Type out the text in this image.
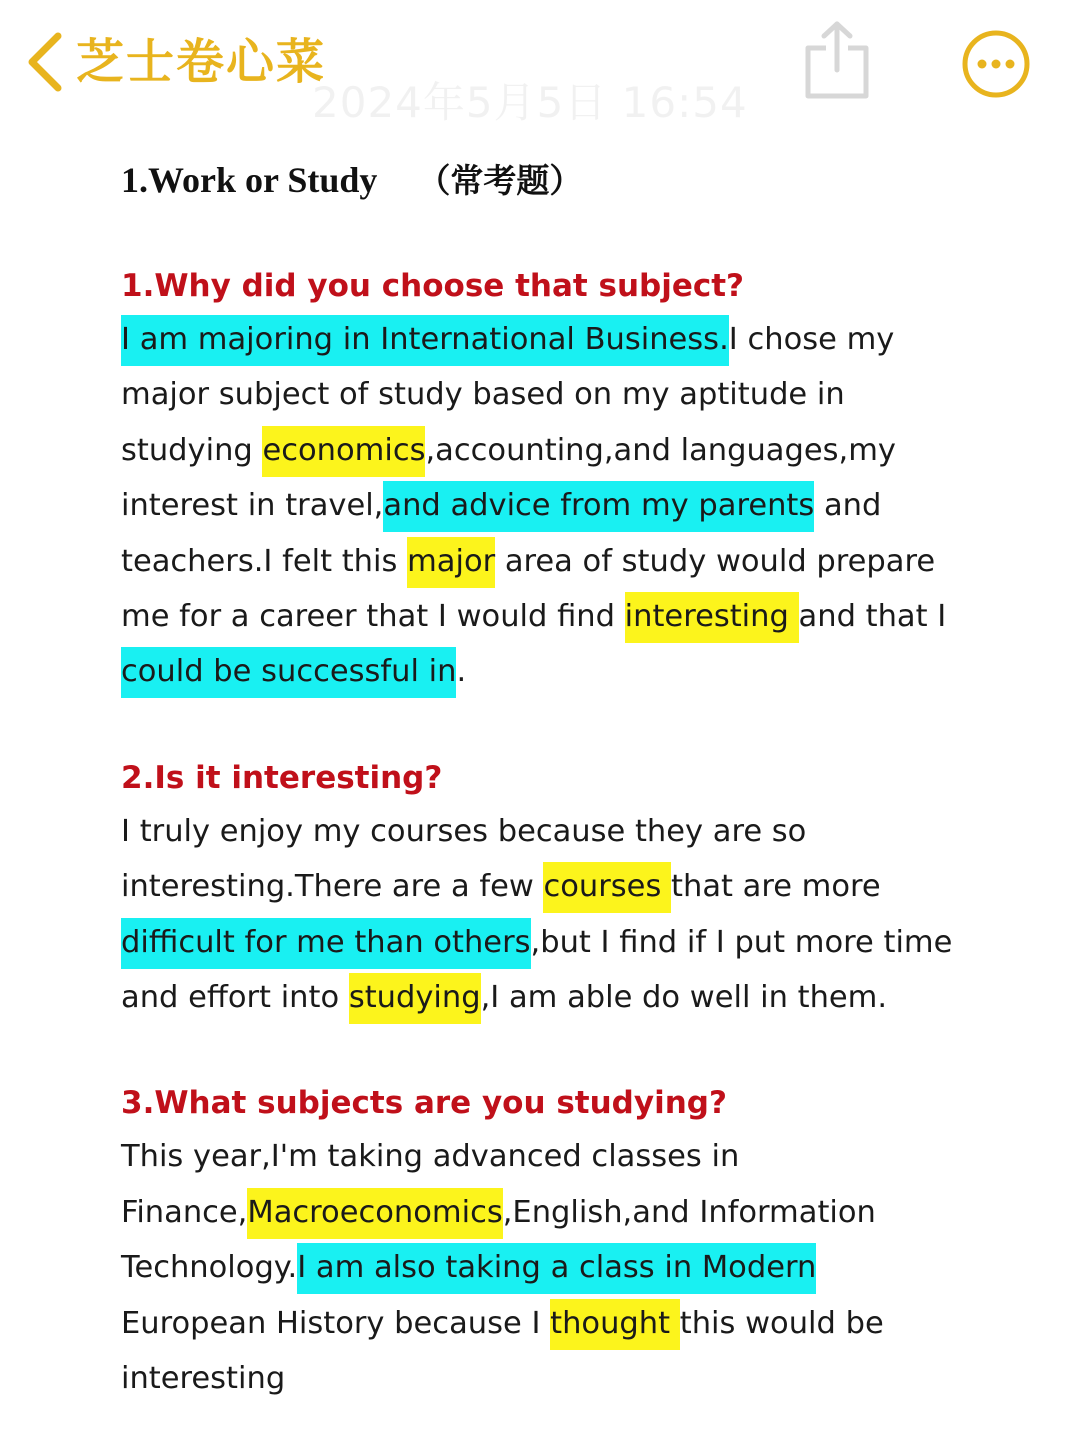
芝士卷心菜
2024年5月5日 16:54
1.Work or Study （常考题）
1.Why did you choose that subject?
I am majoring in International Business.I chose my
major subject of study based on my aptitude in
studying economics,accounting,and languages,my
interest in travel,and advice from my parents and
teachers.I felt this major area of study would prepare
me for a career that I would find interesting and that I
could be successful in.
2.Is it interesting?
I truly enjoy my courses because they are so
interesting.There are a few courses that are more
difficult for me than others,but I find if I put more time
and effort into studying,I am able do well in them.
3.What subjects are you studying?
This year,I'm taking advanced classes in
Finance,Macroeconomics,English,and Information
Technology.I am also taking a class in Modern
European History because I thought this would be
interesting
